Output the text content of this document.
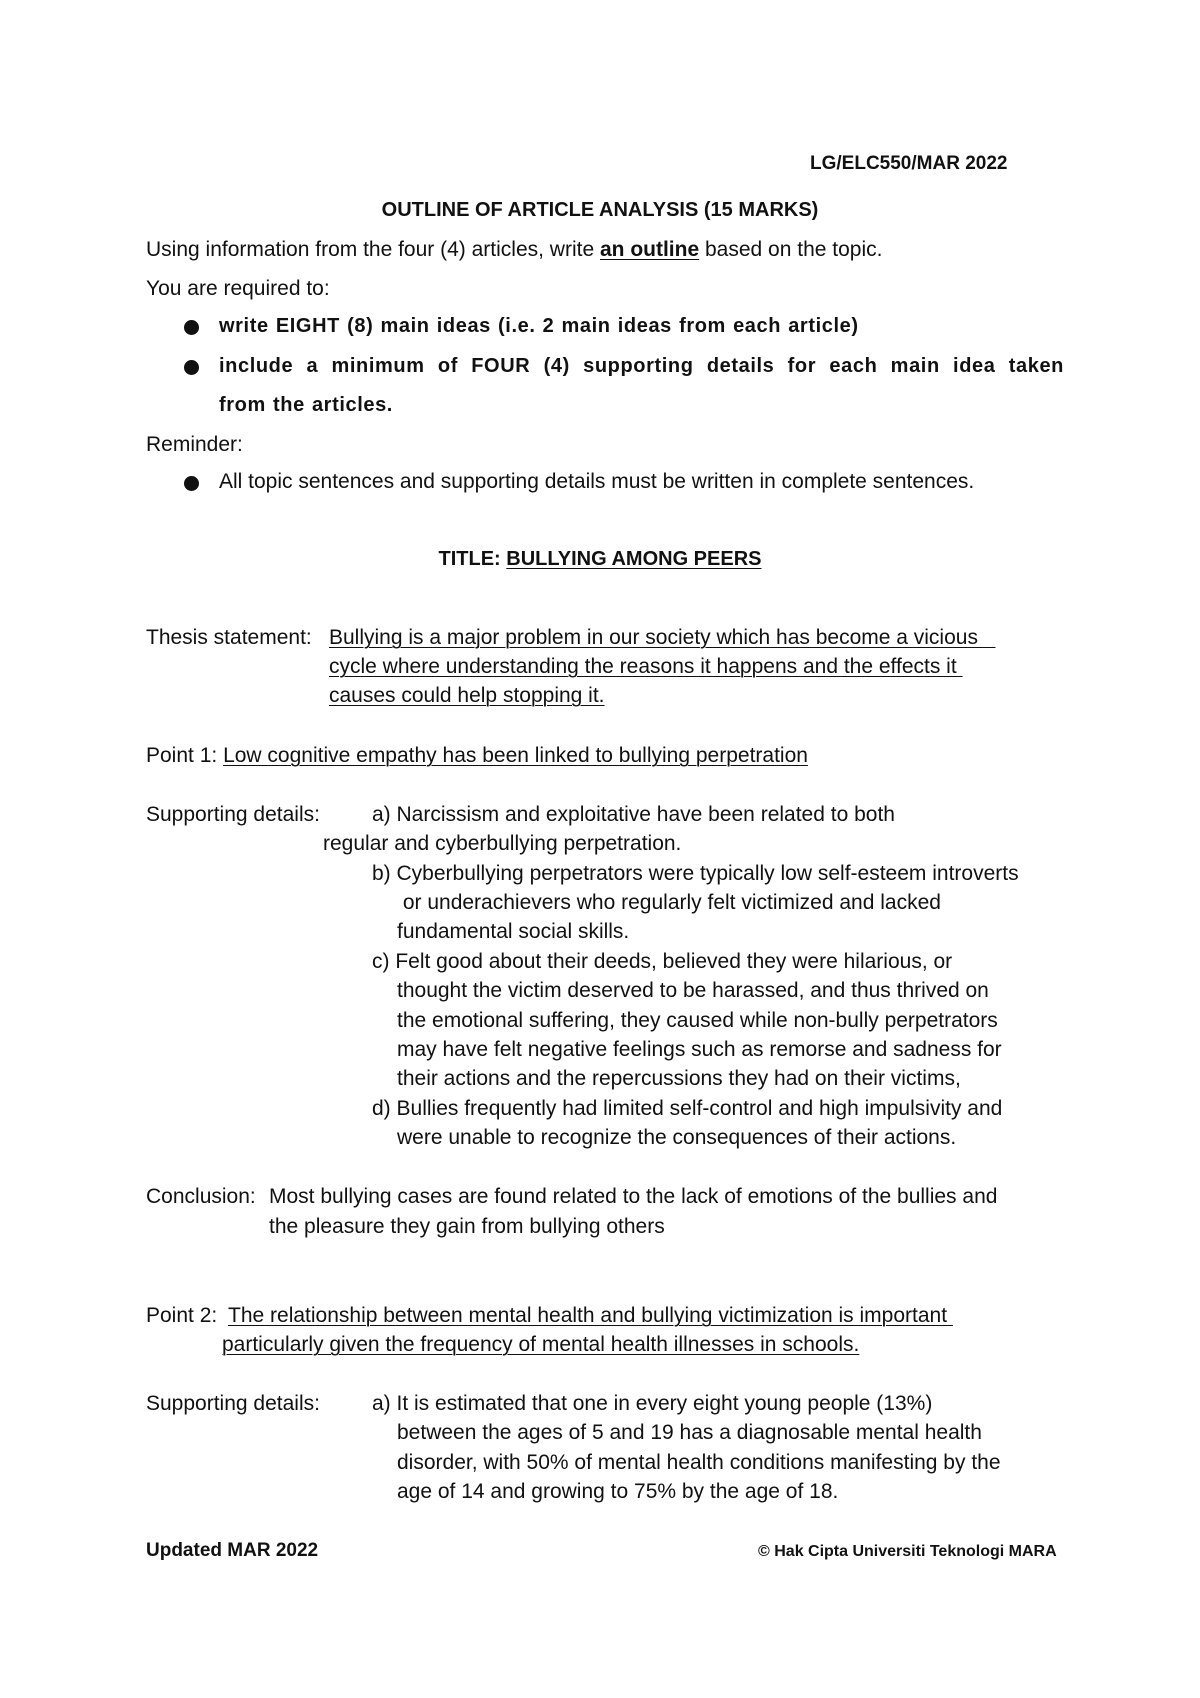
LG/ELC550/MAR 2022
OUTLINE OF ARTICLE ANALYSIS (15 MARKS)
Using information from the four (4) articles, write an outline based on the topic.
You are required to:
write EIGHT (8) main ideas (i.e. 2 main ideas from each article)
include a minimum of FOUR (4) supporting details for each main idea taken
from the articles.
Reminder:
All topic sentences and supporting details must be written in complete sentences.
TITLE: BULLYING AMONG PEERS
Thesis statement: Bullying is a major problem in our society which has become a vicious
cycle where understanding the reasons it happens and the effects it
causes could help stopping it.
Point 1: Low cognitive empathy has been linked to bullying perpetration
Supporting details: a) Narcissism and exploitative have been related to both
regular and cyberbullying perpetration.
b) Cyberbullying perpetrators were typically low self-esteem introverts
or underachievers who regularly felt victimized and lacked
fundamental social skills.
c) Felt good about their deeds, believed they were hilarious, or
thought the victim deserved to be harassed, and thus thrived on
the emotional suffering, they caused while non-bully perpetrators
may have felt negative feelings such as remorse and sadness for
their actions and the repercussions they had on their victims,
d) Bullies frequently had limited self-control and high impulsivity and
were unable to recognize the consequences of their actions.
Conclusion: Most bullying cases are found related to the lack of emotions of the bullies and
the pleasure they gain from bullying others
Point 2: The relationship between mental health and bullying victimization is important
particularly given the frequency of mental health illnesses in schools.
Supporting details: a) It is estimated that one in every eight young people (13%)
between the ages of 5 and 19 has a diagnosable mental health
disorder, with 50% of mental health conditions manifesting by the
age of 14 and growing to 75% by the age of 18.
Updated MAR 2022	© Hak Cipta Universiti Teknologi MARA
